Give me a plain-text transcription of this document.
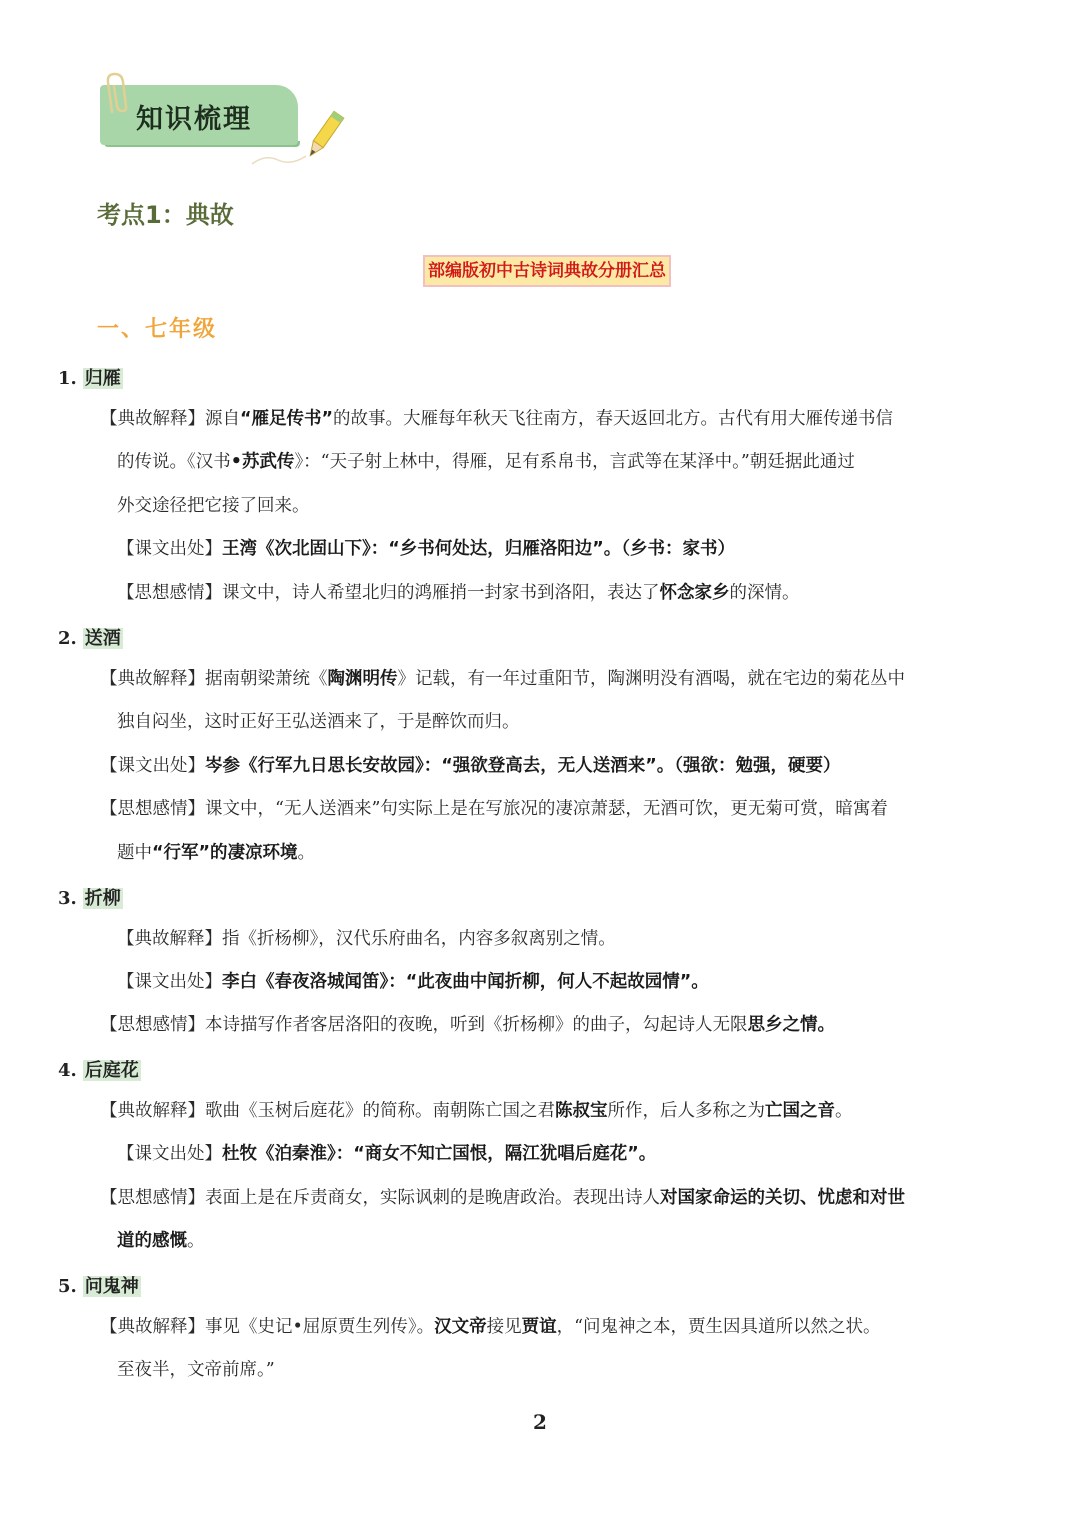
知识梳理
考点1：典故
部编版初中古诗词典故分册汇总
一、七年级
1. 归雁
【典故解释】源自“雁足传书”的故事。大雁每年秋天飞往南方，春天返回北方。古代有用大雁传递书信
的传说。《汉书•苏武传》：“天子射上林中，得雁，足有系帛书，言武等在某泽中。”朝廷据此通过
外交途径把它接了回来。
【课文出处】王湾《次北固山下》：“乡书何处达，归雁洛阳边”。（乡书：家书）
【思想感情】课文中，诗人希望北归的鸿雁捎一封家书到洛阳，表达了怀念家乡的深情。
2. 送酒
【典故解释】据南朝梁萧统《陶渊明传》记载，有一年过重阳节，陶渊明没有酒喝，就在宅边的菊花丛中
独自闷坐，这时正好王弘送酒来了，于是醉饮而归。
【课文出处】岑参《行军九日思长安故园》：“强欲登高去，无人送酒来”。（强欲：勉强，硬要）
【思想感情】课文中，“无人送酒来”句实际上是在写旅况的凄凉萧瑟，无酒可饮，更无菊可赏，暗寓着
题中“行军”的凄凉环境。
3. 折柳
【典故解释】指《折杨柳》，汉代乐府曲名，内容多叙离别之情。
【课文出处】李白《春夜洛城闻笛》：“此夜曲中闻折柳，何人不起故园情”。
【思想感情】本诗描写作者客居洛阳的夜晚，听到《折杨柳》的曲子，勾起诗人无限思乡之情。
4. 后庭花
【典故解释】歌曲《玉树后庭花》的简称。南朝陈亡国之君陈叔宝所作，后人多称之为亡国之音。
【课文出处】杜牧《泊秦淮》：“商女不知亡国恨，隔江犹唱后庭花”。
【思想感情】表面上是在斥责商女，实际讽刺的是晚唐政治。表现出诗人对国家命运的关切、忧虑和对世
道的感慨。
5. 问鬼神
【典故解释】事见《史记•屈原贾生列传》。汉文帝接见贾谊，“问鬼神之本，贾生因具道所以然之状。
至夜半，文帝前席。”
2
